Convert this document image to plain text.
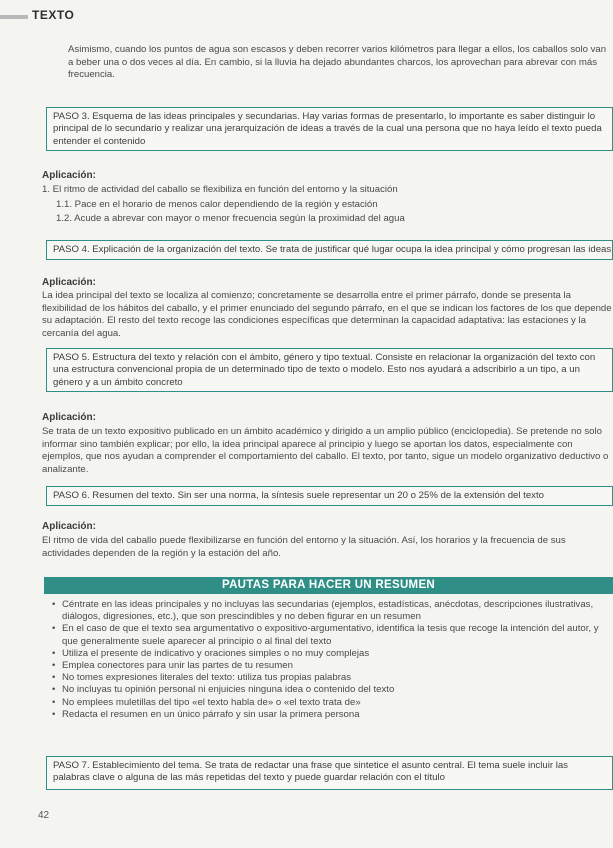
TEXTO
Asimismo, cuando los puntos de agua son escasos y deben recorrer varios kilómetros para llegar a ellos, los caballos solo van a beber una o dos veces al día. En cambio, si la lluvia ha dejado abundantes charcos, los aprovechan para abrevar con más frecuencia.
PASO 3. Esquema de las ideas principales y secundarias. Hay varias formas de presentarlo, lo importante es saber distinguir lo principal de lo secundario y realizar una jerarquización de ideas a través de la cual una persona que no haya leído el texto pueda entender el contenido
Aplicación:
1. El ritmo de actividad del caballo se flexibiliza en función del entorno y la situación
1.1. Pace en el horario de menos calor dependiendo de la región y estación
1.2. Acude a abrevar con mayor o menor frecuencia según la proximidad del agua
PASO 4. Explicación de la organización del texto. Se trata de justificar qué lugar ocupa la idea principal y cómo progresan las ideas
Aplicación:
La idea principal del texto se localiza al comienzo; concretamente se desarrolla entre el primer párrafo, donde se presenta la flexibilidad de los hábitos del caballo, y el primer enunciado del segundo párrafo, en el que se indican los factores de los que depende su adaptación. El resto del texto recoge las condiciones específicas que determinan la capacidad adaptativa: las estaciones y la cercanía del agua.
PASO 5. Estructura del texto y relación con el ámbito, género y tipo textual. Consiste en relacionar la organización del texto con una estructura convencional propia de un determinado tipo de texto o modelo. Esto nos ayudará a adscribirlo a un tipo, a un género y a un ámbito concreto
Aplicación:
Se trata de un texto expositivo publicado en un ámbito académico y dirigido a un amplio público (enciclopedia). Se pretende no solo informar sino también explicar; por ello, la idea principal aparece al principio y luego se aportan los datos, especialmente con ejemplos, que nos ayudan a comprender el comportamiento del caballo. El texto, por tanto, sigue un modelo organizativo deductivo o analizante.
PASO 6. Resumen del texto. Sin ser una norma, la síntesis suele representar un 20 o 25% de la extensión del texto
Aplicación:
El ritmo de vida del caballo puede flexibilizarse en función del entorno y la situación. Así, los horarios y la frecuencia de sus actividades dependen de la región y la estación del año.
PAUTAS PARA HACER UN RESUMEN
• Céntrate en las ideas principales y no incluyas las secundarias (ejemplos, estadísticas, anécdotas, descripciones ilustrativas, diálogos, digresiones, etc.), que son prescindibles y no deben figurar en un resumen
• En el caso de que el texto sea argumentativo o expositivo-argumentativo, identifica la tesis que recoge la intención del autor, y que generalmente suele aparecer al principio o al final del texto
• Utiliza el presente de indicativo y oraciones simples o no muy complejas
• Emplea conectores para unir las partes de tu resumen
• No tomes expresiones literales del texto: utiliza tus propias palabras
• No incluyas tu opinión personal ni enjuicies ninguna idea o contenido del texto
• No emplees muletillas del tipo «el texto habla de» o «el texto trata de»
• Redacta el resumen en un único párrafo y sin usar la primera persona
PASO 7. Establecimiento del tema. Se trata de redactar una frase que sintetice el asunto central. El tema suele incluir las palabras clave o alguna de las más repetidas del texto y puede guardar relación con el título
42
